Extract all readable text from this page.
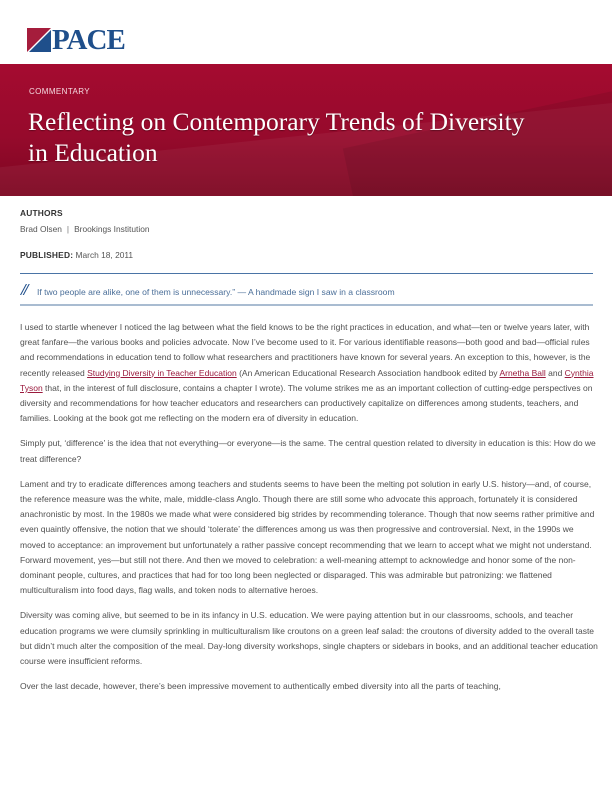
PACE
COMMENTARY
Reflecting on Contemporary Trends of Diversity in Education
AUTHORS
Brad Olsen | Brookings Institution
PUBLISHED: March 18, 2011
// If two people are alike, one of them is unnecessary.” — A handmade sign I saw in a classroom

I used to startle whenever I noticed the lag between what the field knows to be the right practices in education, and what—ten or twelve years later, with great fanfare—the various books and policies advocate. Now I’ve become used to it. For various identifiable reasons—both good and bad—official rules and recommendations in education tend to follow what researchers and practitioners have known for several years. An exception to this, however, is the recently released Studying Diversity in Teacher Education (An American Educational Research Association handbook edited by Arnetha Ball and Cynthia Tyson that, in the interest of full disclosure, contains a chapter I wrote). The volume strikes me as an important collection of cutting-edge perspectives on diversity and recommendations for how teacher educators and researchers can productively capitalize on differences among students, teachers, and families. Looking at the book got me reflecting on the modern era of diversity in education.

Simply put, ‘difference’ is the idea that not everything—or everyone—is the same. The central question related to diversity in education is this: How do we treat difference?

Lament and try to eradicate differences among teachers and students seems to have been the melting pot solution in early U.S. history—and, of course, the reference measure was the white, male, middle-class Anglo. Though there are still some who advocate this approach, fortunately it is considered anachronistic by most. In the 1980s we made what were considered big strides by recommending tolerance. Though that now seems rather primitive and even quaintly offensive, the notion that we should ‘tolerate’ the differences among us was then progressive and controversial. Next, in the 1990s we moved to acceptance: an improvement but unfortunately a rather passive concept recommending that we learn to accept what we might not understand. Forward movement, yes—but still not there. And then we moved to celebration: a well-meaning attempt to acknowledge and honor some of the non-dominant people, cultures, and practices that had for too long been neglected or disparaged. This was admirable but patronizing: we flattened multiculturalism into food days, flag walls, and token nods to alternative heroes.

Diversity was coming alive, but seemed to be in its infancy in U.S. education. We were paying attention but in our classrooms, schools, and teacher education programs we were clumsily sprinkling in multiculturalism like croutons on a green leaf salad: the croutons of diversity added to the overall taste but didn’t much alter the composition of the meal. Day-long diversity workshops, single chapters or sidebars in books, and an additional teacher education course were insufficient reforms.

Over the last decade, however, there’s been impressive movement to authentically embed diversity into all the parts of teaching,
